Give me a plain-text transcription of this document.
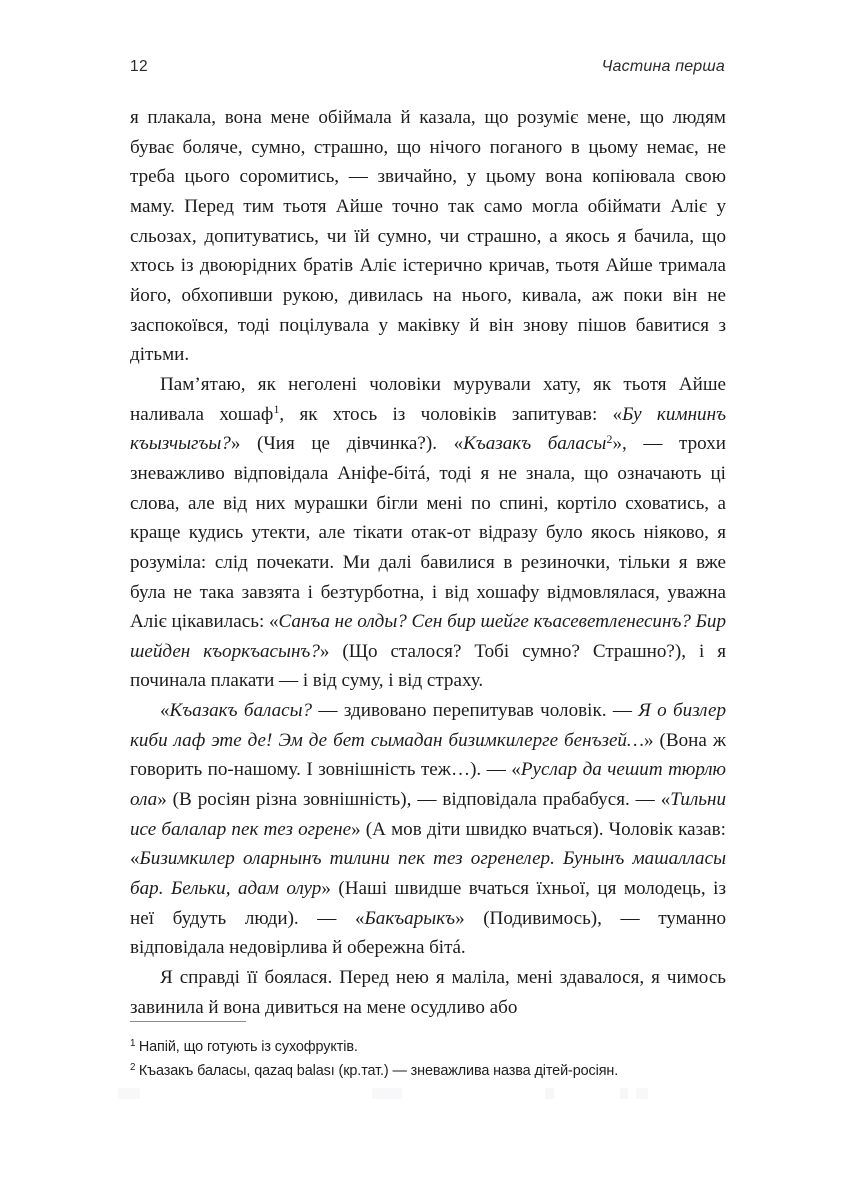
12	Частина перша

я плакала, вона мене обіймала й казала, що розуміє мене, що людям буває боляче, сумно, страшно, що нічого поганого в цьому немає, не треба цього соромитись, — звичайно, у цьому вона копіювала свою маму. Перед тим тьотя Айше точно так само могла обіймати Алiє у сльозах, допитуватись, чи їй сумно, чи страшно, а якось я бачила, що хтось із двоюрідних братів Алiє істерично кричав, тьотя Айше тримала його, обхопивши рукою, дивилась на нього, кивала, аж поки він не заспокоївся, тоді поцілувала у маківку й він знову пішов бавитися з дітьми.

Пам’ятаю, як неголені чоловіки мурували хату, як тьотя Айше наливала хошаф$^1$, як хтось із чоловіків запитував: «Бу кимнинъ къызчыгъы?» (Чия це дівчинка?). «Къазакъ баласы$^2$», — трохи зневажливо відповідала Аніфе-бітá, тоді я не знала, що означають ці слова, але від них мурашки бігли мені по спині, кортіло сховатись, а краще кудись утекти, але тікати отак-от відразу було якось ніяково, я розуміла: слід почекати. Ми далі бавилися в резиночки, тільки я вже була не така завзята і безтурботна, і від хошафу відмовлялася, уважна Алiє цікавилась: «Санъа не олды? Сен бир шейге къасеветленесинъ? Бир шейден къоркъасынъ?» (Що сталося? Тобі сумно? Страшно?), і я починала плакати — і від суму, і від страху.

«Къазакъ баласы? — здивовано перепитував чоловік. — Я о бизлер киби лаф эте де! Эм де бет сымадан бизимкилерге бенъзей…» (Вона ж говорить по-нашому. І зовнішність теж…). — «Руслар да чешит тюрлю ола» (В росіян різна зовнішність), — відповідала прабабуся. — «Тильни исе балалар пек тез огрене» (А мов діти швидко вчаться). Чоловік казав: «Бизимкилер оларнынъ тилини пек тез огренелер. Бунынъ машалласы бар. Бельки, адам олур» (Наші швидше вчаться їхньої, ця молодець, із неї будуть люди). — «Бакъарыкъ» (Подивимось), — туманно відповідала недовірлива й обережна бітá.

Я справді її боялася. Перед нею я маліла, мені здавалося, я чимось завинила й вона дивиться на мене осудливо або

$^1$ Напій, що готують із сухофруктів.
$^2$ Къазакъ баласы, qazaq balası (кр.тат.) — зневажлива назва дітей-росіян.
